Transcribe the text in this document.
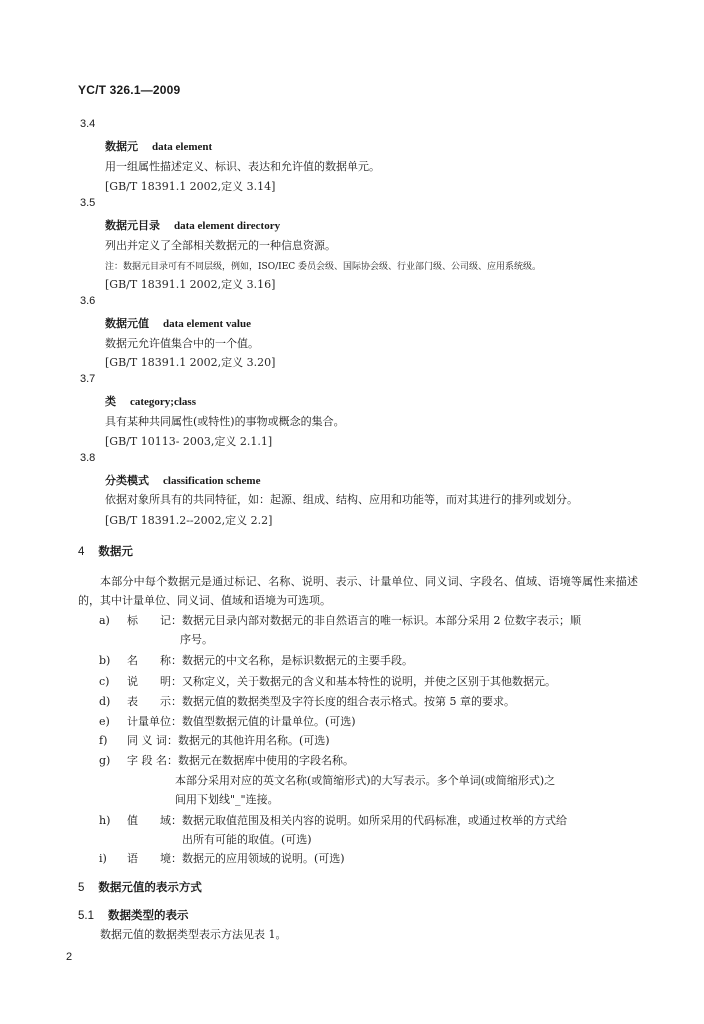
YC/T 326.1—2009
3.4
数据元 data element
用一组属性描述定义、标识、表达和允许值的数据单元。
[GB/T 18391.1 2002,定义 3.14]
3.5
数据元目录 data element directory
列出并定义了全部相关数据元的一种信息资源。
注：数据元目录可有不同层级，例如，ISO/IEC 委员会级、国际协会级、行业部门级、公司级、应用系统级。
[GB/T 18391.1 2002,定义 3.16]
3.6
数据元值 data element value
数据元允许值集合中的一个值。
[GB/T 18391.1 2002,定义 3.20]
3.7
类 category;class
具有某种共同属性(或特性)的事物或概念的集合。
[GB/T 10113- 2003,定义 2.1.1]
3.8
分类模式 classification scheme
依据对象所具有的共同特征，如：起源、组成、结构、应用和功能等，而对其进行的排列或划分。
[GB/T 18391.2--2002,定义 2.2]
4 数据元
本部分中每个数据元是通过标记、名称、说明、表示、计量单位、同义词、字段名、值域、语境等属性来描述的，其中计量单位、同义词、值域和语境为可选项。
a) 标　　记：数据元目录内部对数据元的非自然语言的唯一标识。本部分采用 2 位数字表示；顺
序号。
b) 名　　称：数据元的中文名称，是标识数据元的主要手段。
c) 说　　明：又称定义，关于数据元的含义和基本特性的说明，并使之区别于其他数据元。
d) 表　　示：数据元值的数据类型及字符长度的组合表示格式。按第 5 章的要求。
e) 计量单位：数值型数据元值的计量单位。(可选)
f) 同 义 词：数据元的其他许用名称。(可选)
g) 字 段 名：数据元在数据库中使用的字段名称。
本部分采用对应的英文名称(或简缩形式)的大写表示。多个单词(或简缩形式)之
间用下划线"_"连接。
h) 值　　域：数据元取值范围及相关内容的说明。如所采用的代码标准，或通过枚举的方式给
出所有可能的取值。(可选)
i) 语　　境：数据元的应用领域的说明。(可选)
5 数据元值的表示方式
5.1 数据类型的表示
数据元值的数据类型表示方法见表 1。
2
